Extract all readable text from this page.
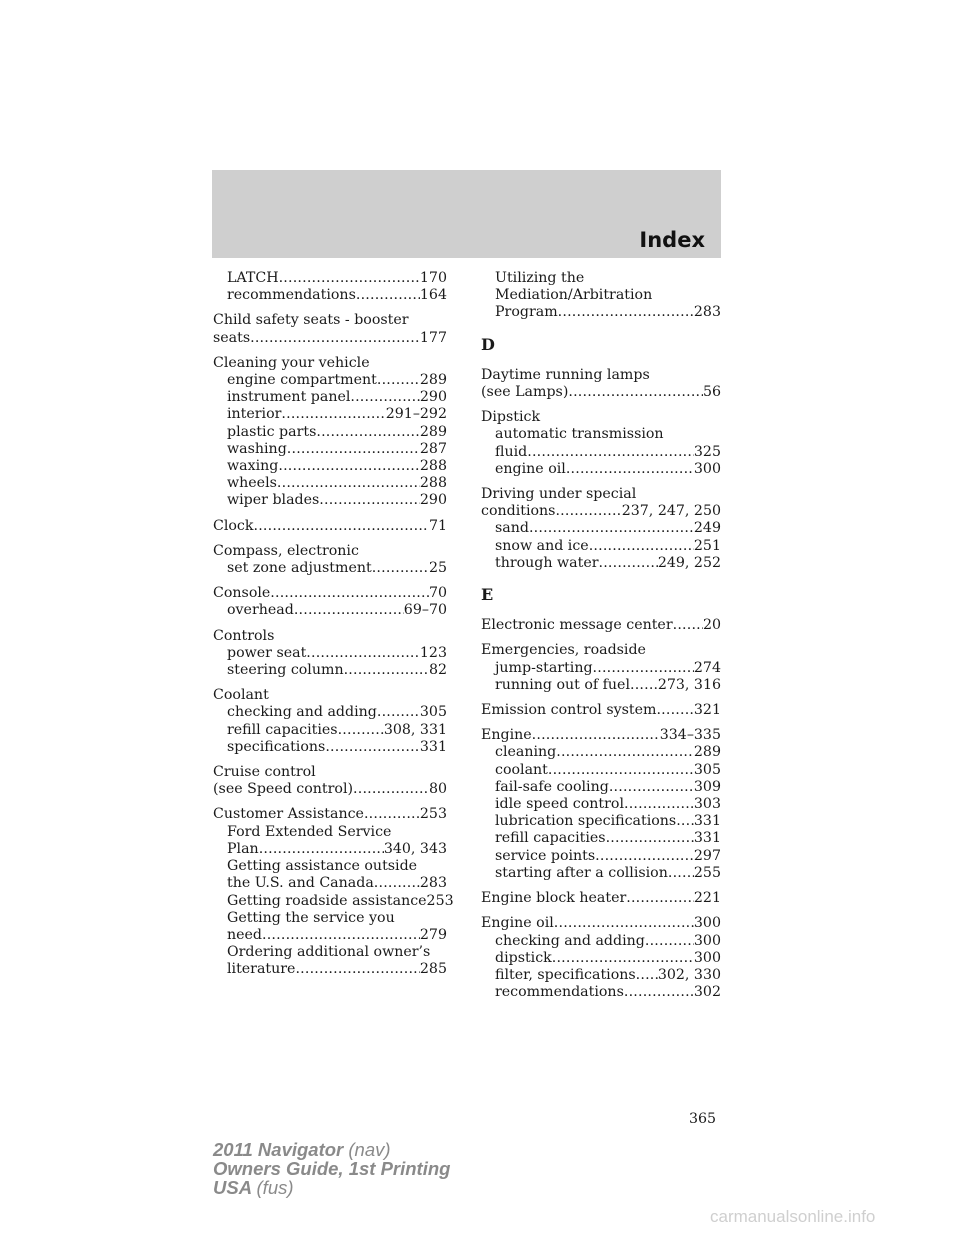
Index
LATCH .....	170
recommendations .....	164
Child safety seats - booster
seats .....	177
Cleaning your vehicle
engine compartment .....	289
instrument panel .....	290
interior .....	291–292
plastic parts .....	289
washing .....	287
waxing .....	288
wheels .....	288
wiper blades .....	290
Clock .....	71
Compass, electronic
set zone adjustment .....	25
Console .....	70
overhead .....	69–70
Controls
power seat .....	123
steering column .....	82
Coolant
checking and adding .....	305
refill capacities .....	308, 331
specifications .....	331
Cruise control
(see Speed control) .....	80
Customer Assistance .....	253
Ford Extended Service
Plan .....	340, 343
Getting assistance outside
the U.S. and Canada .....	283
Getting roadside assistance 253
Getting the service you
need .....	279
Ordering additional owner’s
literature .....	285
Utilizing the
Mediation/Arbitration
Program .....	283
D
Daytime running lamps
(see Lamps) .....	56
Dipstick
automatic transmission
fluid .....	325
engine oil .....	300
Driving under special
conditions .....	237, 247, 250
sand .....	249
snow and ice .....	251
through water .....	249, 252
E
Electronic message center ..... 20
Emergencies, roadside
jump-starting .....	274
running out of fuel ..... 273, 316
Emission control system .....	321
Engine .....	334–335
cleaning .....	289
coolant .....	305
fail-safe cooling .....	309
idle speed control .....	303
lubrication specifications ..... 331
refill capacities .....	331
service points .....	297
starting after a collision ..... 255
Engine block heater .....	221
Engine oil .....	300
checking and adding .....	300
dipstick .....	300
filter, specifications ..... 302, 330
recommendations .....	302
365
2011 Navigator (nav)
Owners Guide, 1st Printing
USA (fus)
carmanualsonline.info
